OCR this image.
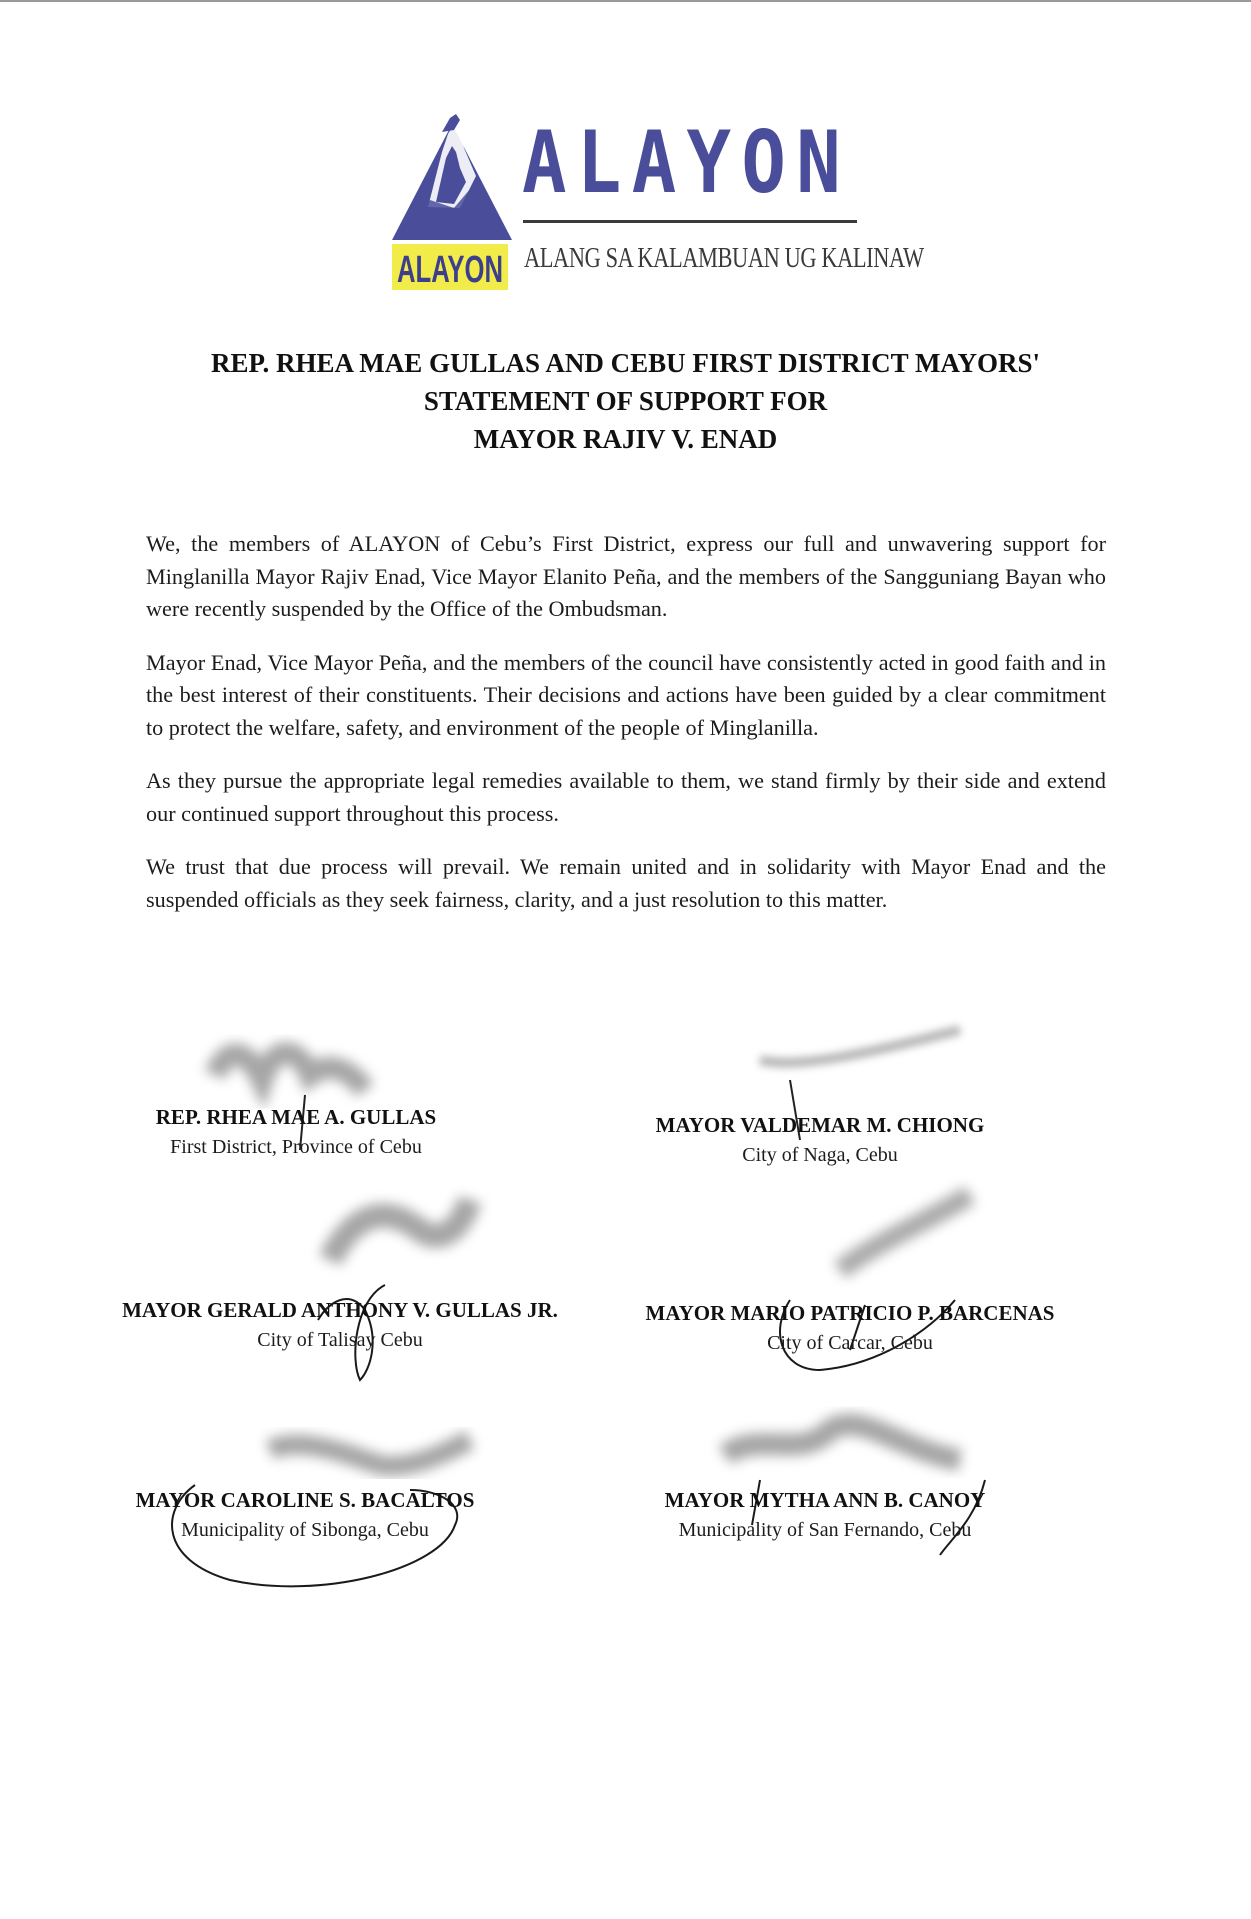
ALAYON
ALAYON
ALANG SA KALAMBUAN UG KALINAW
REP. RHEA MAE GULLAS AND CEBU FIRST DISTRICT MAYORS'
STATEMENT OF SUPPORT FOR
MAYOR RAJIV V. ENAD

We, the members of ALAYON of Cebu’s First District, express our full and unwavering support for Minglanilla Mayor Rajiv Enad, Vice Mayor Elanito Peña, and the members of the Sangguniang Bayan who were recently suspended by the Office of the Ombudsman.

Mayor Enad, Vice Mayor Peña, and the members of the council have consistently acted in good faith and in the best interest of their constituents. Their decisions and actions have been guided by a clear commitment to protect the welfare, safety, and environment of the people of Minglanilla.

As they pursue the appropriate legal remedies available to them, we stand firmly by their side and extend our continued support throughout this process.

We trust that due process will prevail. We remain united and in solidarity with Mayor Enad and the suspended officials as they seek fairness, clarity, and a just resolution to this matter.

REP. RHEA MAE A. GULLAS
First District, Province of Cebu
MAYOR VALDEMAR M. CHIONG
City of Naga, Cebu
MAYOR GERALD ANTHONY V. GULLAS JR.
City of Talisay Cebu
MAYOR MARIO PATRICIO P. BARCENAS
City of Carcar, Cebu
MAYOR CAROLINE S. BACALTOS
Municipality of Sibonga, Cebu
MAYOR MYTHA ANN B. CANOY
Municipality of San Fernando, Cebu
